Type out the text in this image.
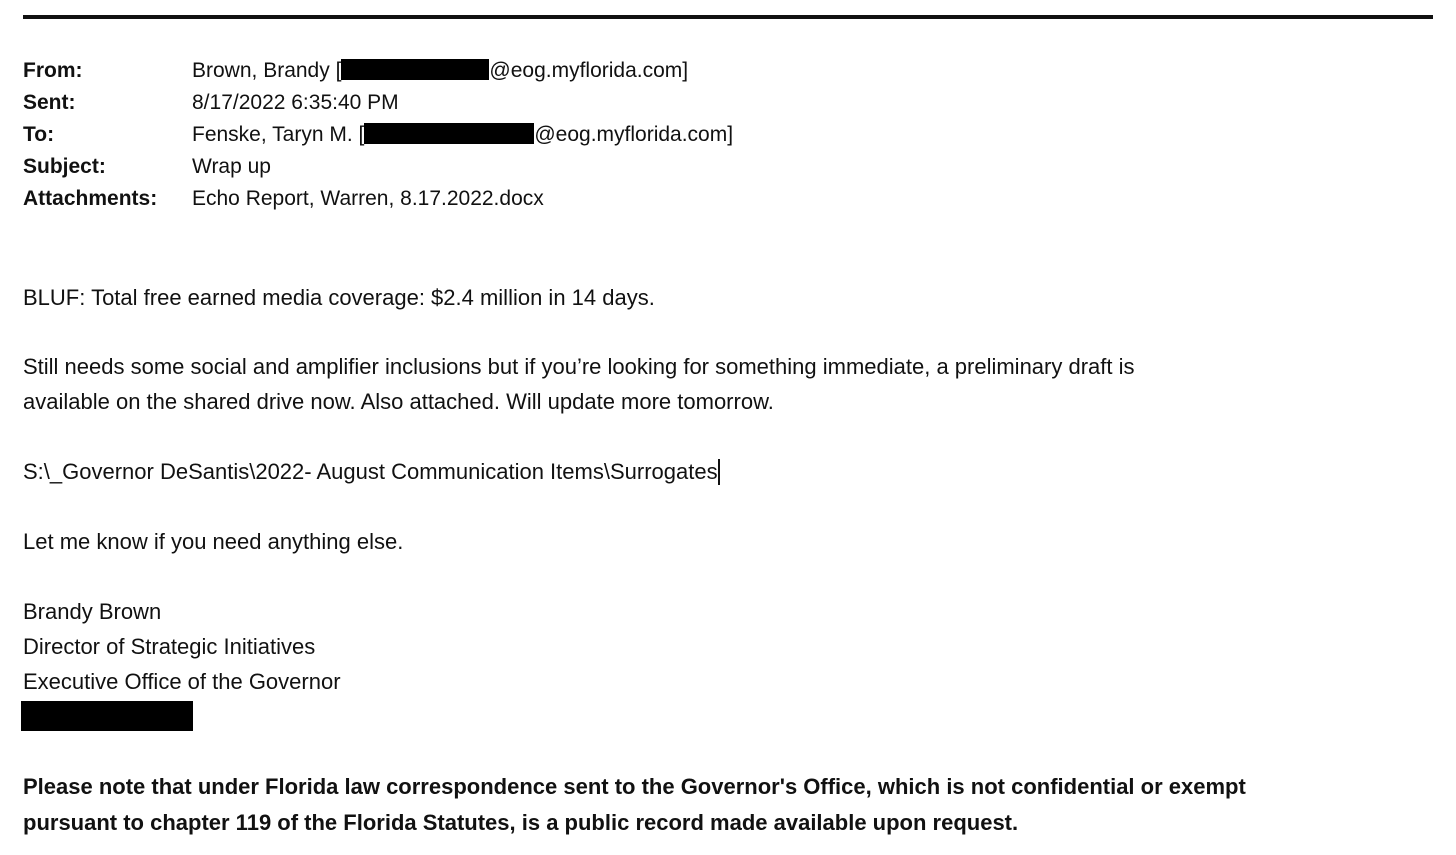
From:	Brown, Brandy [	@eog.myflorida.com]
Sent:	8/17/2022 6:35:40 PM
To:	Fenske, Taryn M. [	@eog.myflorida.com]
Subject:	Wrap up
Attachments: Echo Report, Warren, 8.17.2022.docx
BLUF: Total free earned media coverage: $2.4 million in 14 days.
Still needs some social and amplifier inclusions but if you’re looking for something immediate, a preliminary draft is
available on the shared drive now. Also attached. Will update more tomorrow.
S:\_Governor DeSantis\2022- August Communication Items\Surrogates
Let me know if you need anything else.
Brandy Brown
Director of Strategic Initiatives
Executive Office of the Governor
Please note that under Florida law correspondence sent to the Governor's Office, which is not confidential or exempt
pursuant to chapter 119 of the Florida Statutes, is a public record made available upon request.
